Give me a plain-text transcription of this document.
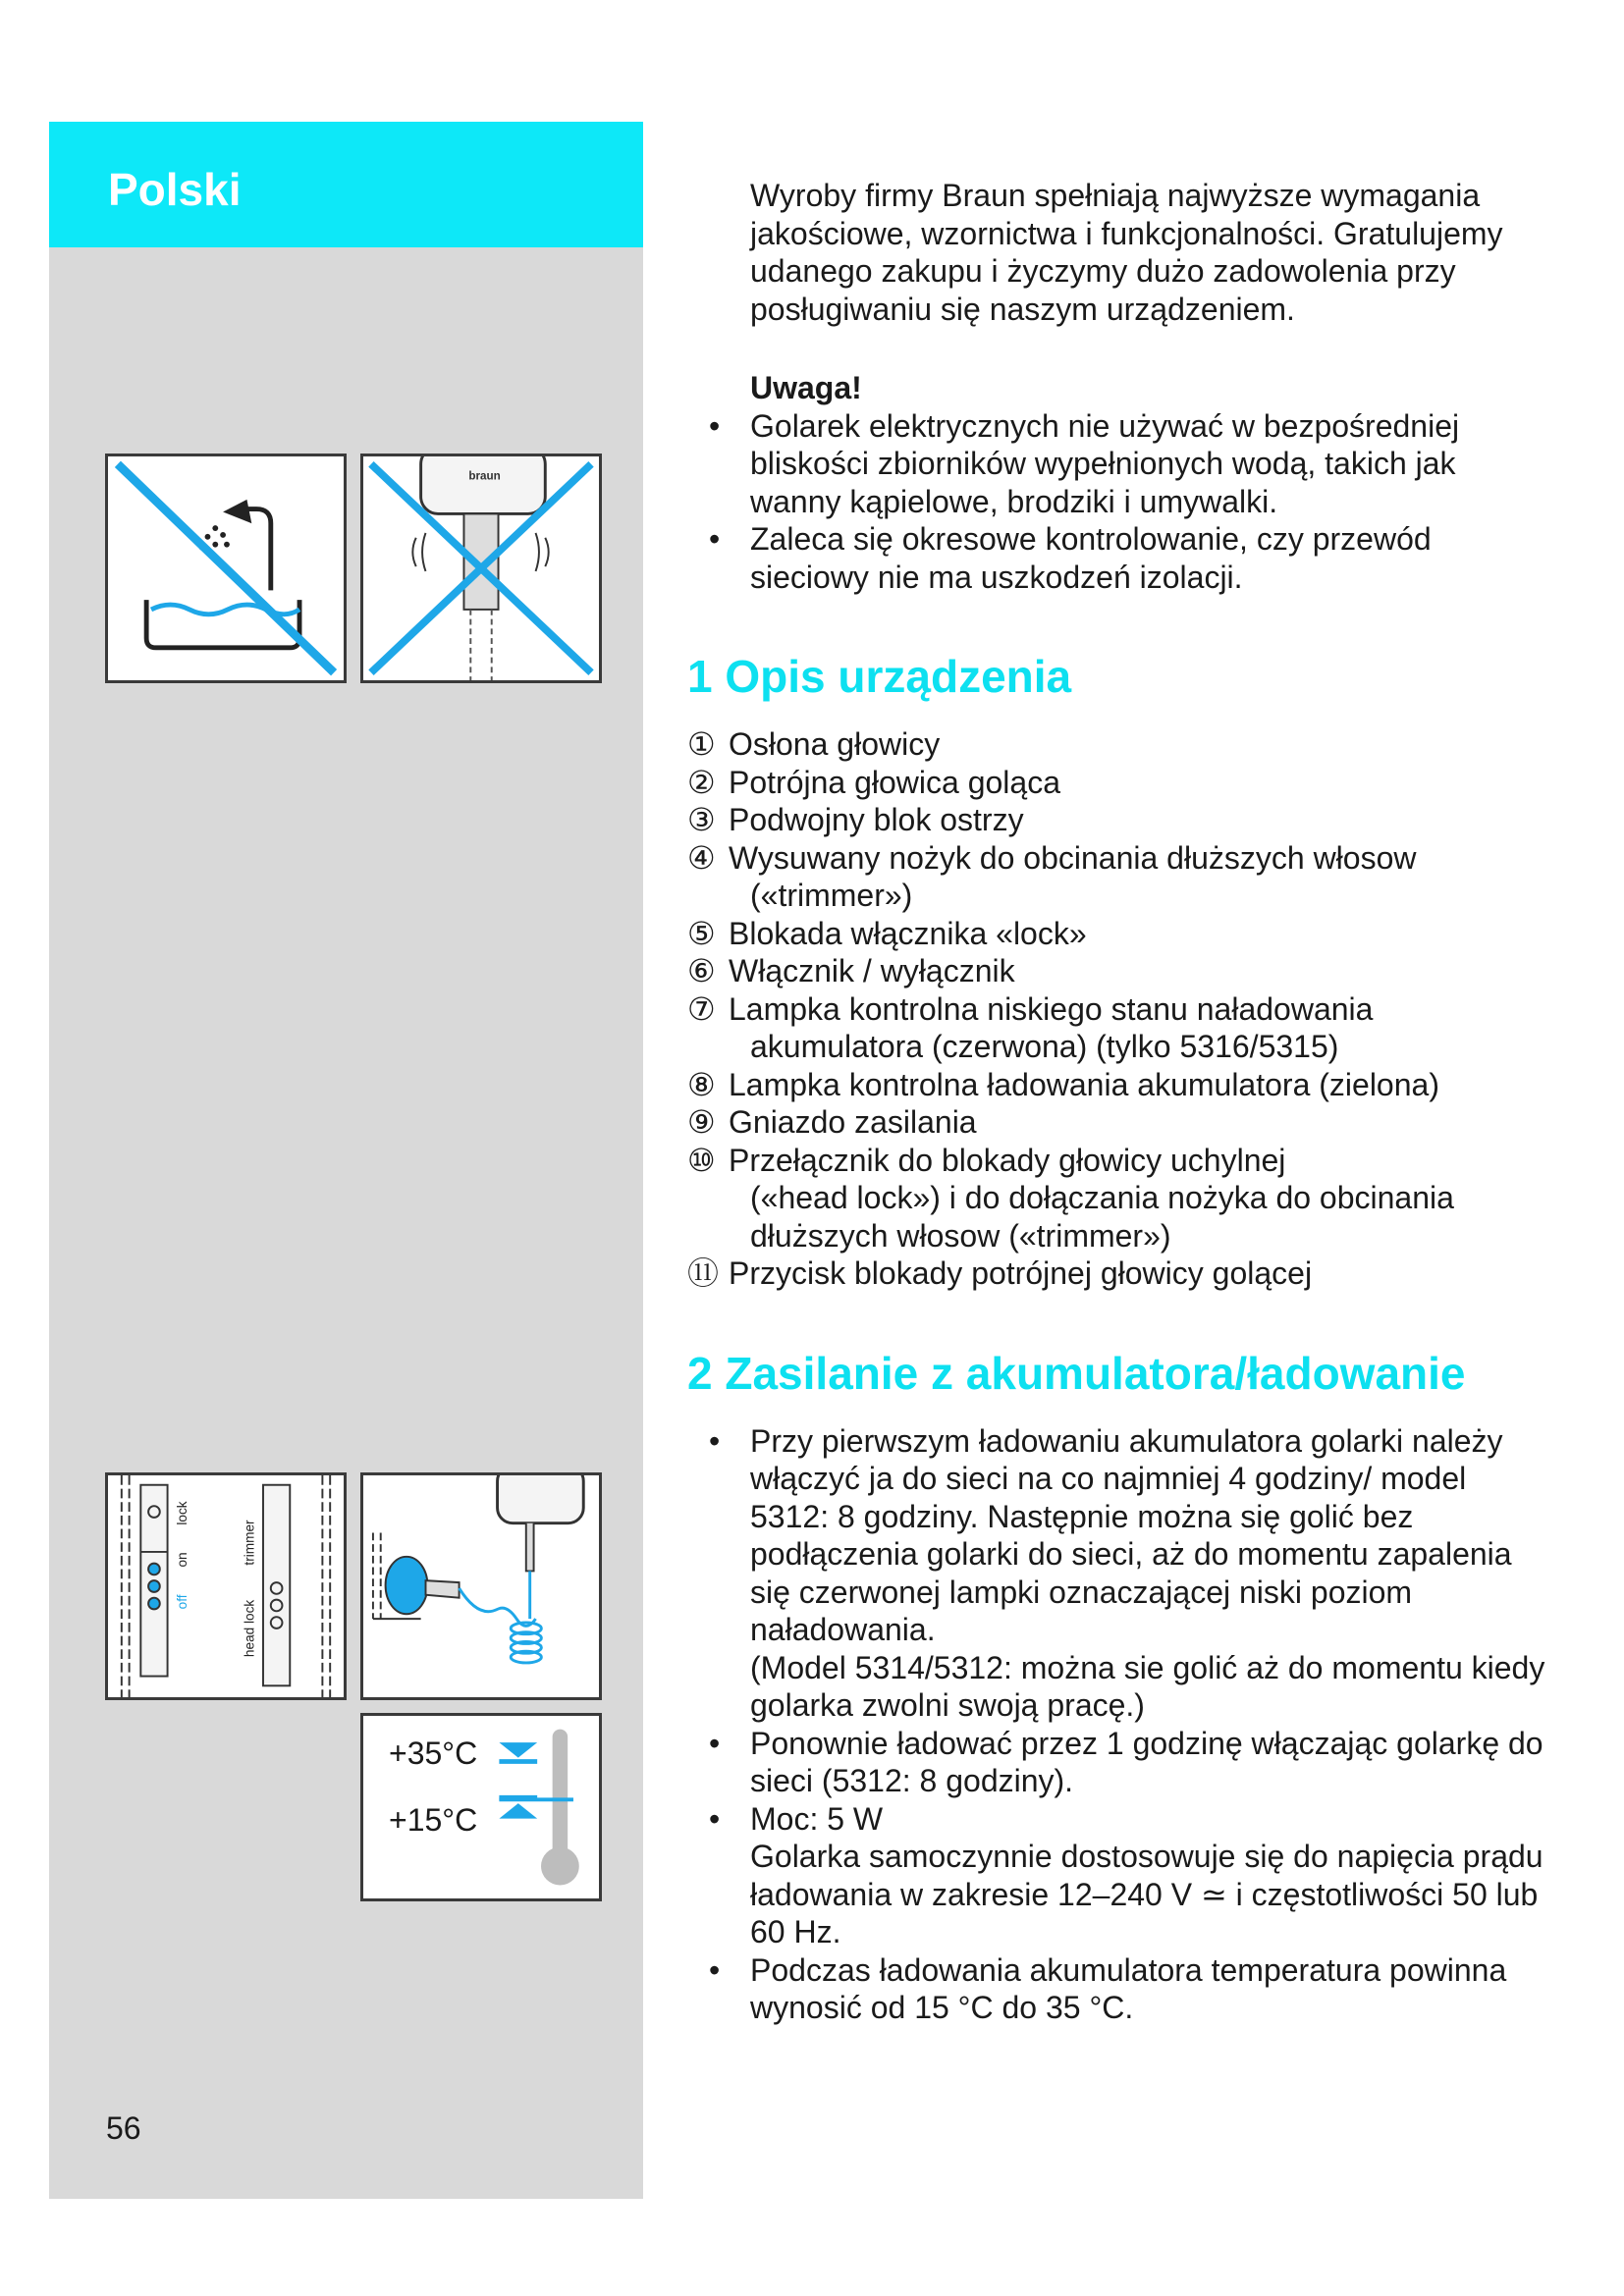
Polski
braun
lock
on
off
trimmer
head lock
+35°C
+15°C
56

Wyroby firmy Braun spełniają najwyższe wymagania jakościowe, wzornictwa i funkcjonalności. Gratulujemy udanego zakupu i życzymy dużo zadowolenia przy posługiwaniu się naszym urządzeniem.

Uwaga!

• Golarek elektrycznych nie używać w bezpośredniej bliskości zbiorników wypełnionych wodą, takich jak wanny kąpielowe, brodziki i umywalki.
• Zaleca się okresowe kontrolowanie, czy przewód sieciowy nie ma uszkodzeń izolacji.
1 Opis urządzenia
① Osłona głowicy
② Potrójna głowica goląca
③ Podwojny blok ostrzy
④ Wysuwany nożyk do obcinania dłuższych włosow
(«trimmer»)
⑤ Blokada włącznika «lock»
⑥ Włącznik / wyłącznik
⑦ Lampka kontrolna niskiego stanu naładowania
akumulatora (czerwona) (tylko 5316/5315)
⑧ Lampka kontrolna ładowania akumulatora (zielona)
⑨ Gniazdo zasilania
⑩ Przełącznik do blokady głowicy uchylnej
(«head lock») i do dołączania nożyka do obcinania dłuższych włosow («trimmer»)
⑪ Przycisk blokady potrójnej głowicy golącej
2 Zasilanie z akumulatora/ładowanie
• Przy pierwszym ładowaniu akumulatora golarki należy włączyć ja do sieci na co najmniej 4 godziny/ model 5312: 8 godziny. Następnie można się golić bez podłączenia golarki do sieci, aż do momentu zapalenia się czerwonej lampki oznaczającej niski poziom naładowania.
(Model 5314/5312: można sie golić aż do momentu kiedy golarka zwolni swoją pracę.)
• Ponownie ładować przez 1 godzinę włączając golarkę do sieci (5312: 8 godziny).
• Moc: 5 W
Golarka samoczynnie dostosowuje się do napięcia prądu ładowania w zakresie 12–240 V ≃ i częstotliwości 50 lub 60 Hz.
• Podczas ładowania akumulatora temperatura powinna wynosić od 15 °C do 35 °C.
